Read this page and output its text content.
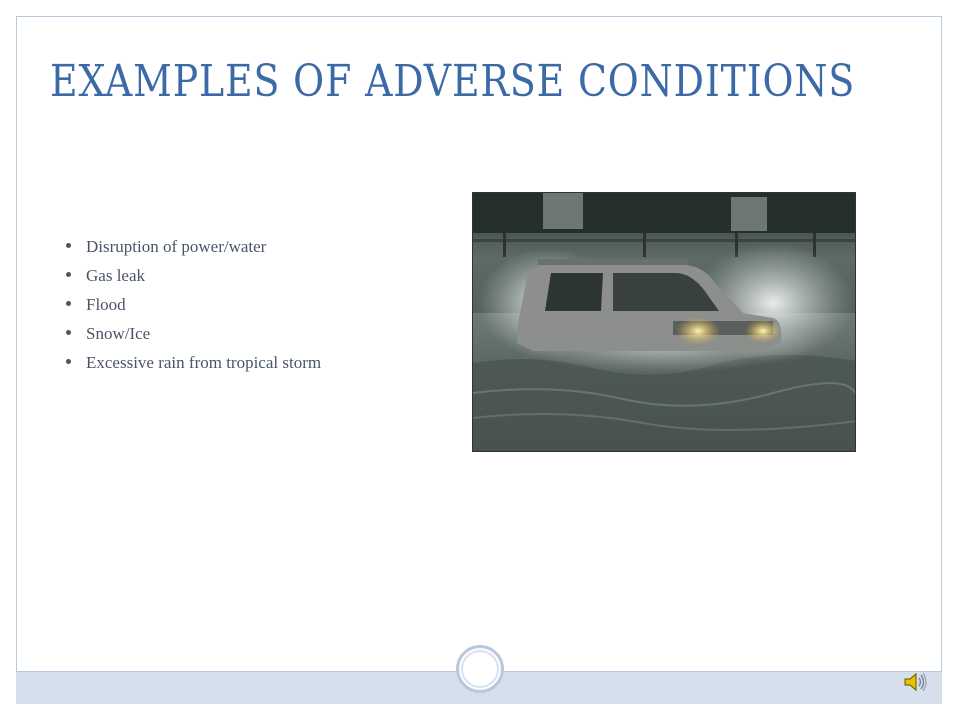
EXAMPLES OF ADVERSE CONDITIONS
Disruption of power/water
Gas leak
Flood
Snow/Ice
Excessive rain from tropical storm
